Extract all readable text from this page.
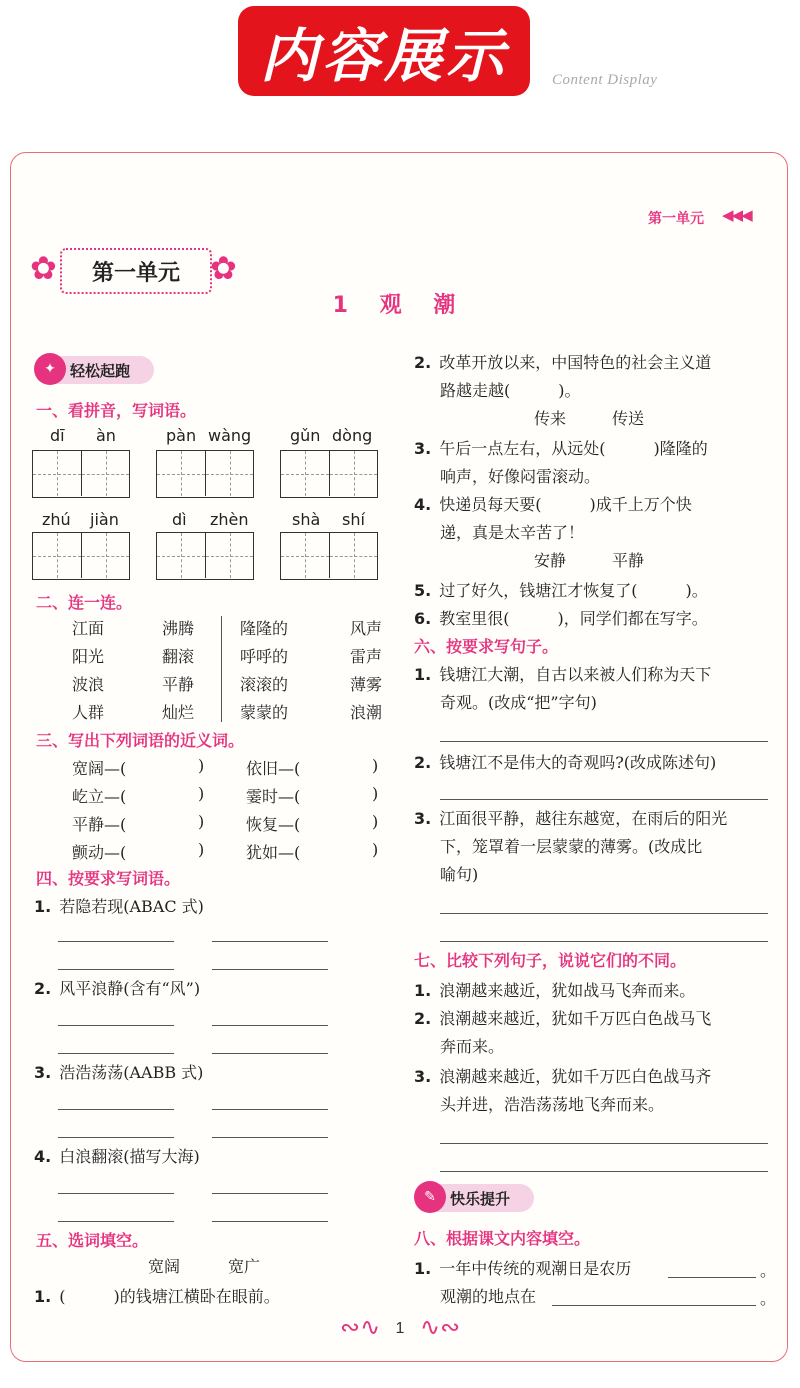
内容展示	Content Display
第一单元 ◀◀◀
✿	第一单元 ✿
1 观 潮
✦ 轻松起跑
一、看拼音，写词语。
dī àn	pàn wàng gǔn dòng
zhú jiàn	dì zhèn	shà shí
二、连一连。
江面	沸腾	隆隆的	风声
阳光	翻滚	呼呼的	雷声
波浪	平静	滚滚的	薄雾
人群	灿烂	蒙蒙的	浪潮
三、写出下列词语的近义词。
宽阔—(	)	依旧—(	)
屹立—(	)	霎时—(	)
平静—(	)	恢复—(	)
颤动—(	)	犹如—(	)
四、按要求写词语。
1. 若隐若现(ABAC 式)
2. 风平浪静(含有“风”)
3. 浩浩荡荡(AABB 式)
4. 白浪翻滚(描写大海)
五、选词填空。
宽阔	宽广
1. (　　　)的钱塘江横卧在眼前。
2. 改革开放以来，中国特色的社会主义道
路越走越(　　　)。
传来	传送
3. 午后一点左右，从远处(　　　)隆隆的
响声，好像闷雷滚动。
4. 快递员每天要(　　　)成千上万个快
递，真是太辛苦了！
安静	平静
5. 过了好久，钱塘江才恢复了(　　　)。
6. 教室里很(　　　)，同学们都在写字。
六、按要求写句子。
1. 钱塘江大潮，自古以来被人们称为天下
奇观。(改成“把”字句)
2. 钱塘江不是伟大的奇观吗?(改成陈述句)
3. 江面很平静，越往东越宽，在雨后的阳光
下，笼罩着一层蒙蒙的薄雾。(改成比
喻句)
七、比较下列句子，说说它们的不同。
1. 浪潮越来越近，犹如战马飞奔而来。
2. 浪潮越来越近，犹如千万匹白色战马飞
奔而来。
3. 浪潮越来越近，犹如千万匹白色战马齐
头并进，浩浩荡荡地飞奔而来。
✎ 快乐提升
八、根据课文内容填空。
1. 一年中传统的观潮日是农历	。
观潮的地点在	。
∾∿ 1 ∿∾
